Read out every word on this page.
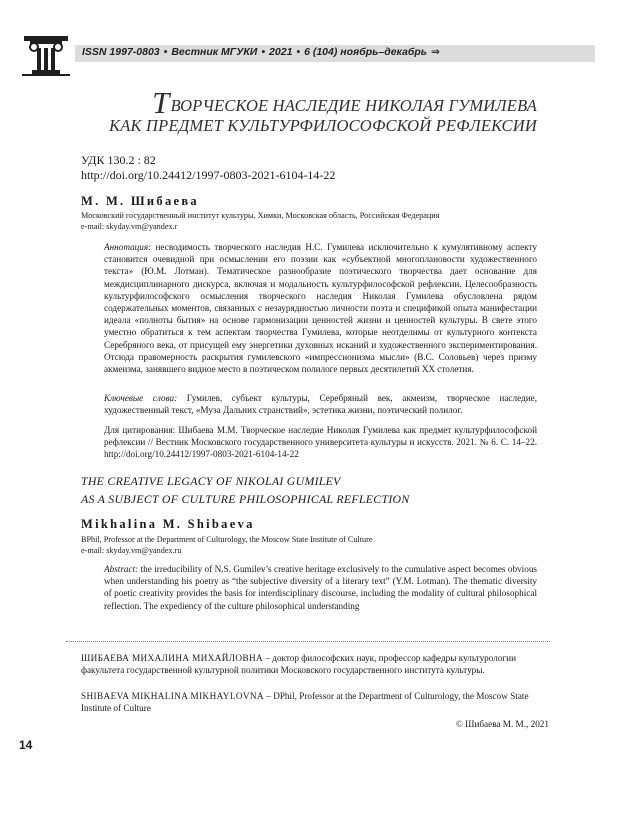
ISSN 1997-0803 • Вестник МГУКИ • 2021 • 6 (104) ноябрь–декабрь ⇒
ТВОРЧЕСКОЕ НАСЛЕДИЕ НИКОЛАЯ ГУМИЛЕВА
КАК ПРЕДМЕТ КУЛЬТУРФИЛОСОФСКОЙ РЕФЛЕКСИИ
УДК 130.2 : 82
http://doi.org/10.24412/1997-0803-2021-6104-14-22
М. М. Шибаева
Московский государственный институт культуры, Химки, Московская область, Российская Федерация
e-mail: skyday.vm@yandex.r
Аннотация: несводимость творческого наследия Н.С. Гумилева исключительно к кумулятивному аспекту становится очевидной при осмыслении его поэзии как «субъектной многоплановости художественного текста» (Ю.М. Лотман). Тематическое разнообразие поэтического творчества дает основание для междисциплинарного дискурса, включая и модальность культурфилософской рефлексии. Целесообразность культурфилософского осмысления творческого наследия Николая Гумилева обусловлена рядом содержательных моментов, связанных с незаурядностью личности поэта и спецификой опыта манифестации идеала «полноты бытия» на основе гармонизации ценностей жизни и ценностей культуры. В свете этого уместно обратиться к тем аспектам творчества Гумилева, которые неотделимы от культурного контекста Серебряного века, от присущей ему энергетики духовных исканий и художественного экспериментирования. Отсюда правомерность раскрытия гумилевского «импрессионизма мысли» (В.С. Соловьев) через призму акмеизма, занявшего видное место в поэтическом полилоге первых десятилетий XX столетия.
Ключевые слова: Гумилев, субъект культуры, Серебряный век, акмеизм, творческое наследие, художественный текст, «Муза Дальних странствий», эстетика жизни, поэтический полилог.
Для цитирования: Шибаева М.М. Творческое наследие Николая Гумилева как предмет культурфилософской рефлексии // Вестник Московского государственного университета культуры и искусств. 2021. № 6. С. 14–22. http://doi.org/10.24412/1997-0803-2021-6104-14-22
THE CREATIVE LEGACY OF NIKOLAI GUMILEV
AS A SUBJECT OF CULTURE PHILOSOPHICAL REFLECTION
Mikhalina M. Shibaeva
BPhil, Professor at the Department of Culturology, the Moscow State Institute of Culture
e-mail: skyday.vm@yandex.ru
Abstract: the irreducibility of N.S. Gumilev’s creative heritage exclusively to the cumulative aspect becomes obvious when understanding his poetry as “the subjective diversity of a literary text” (Y.M. Lotman). The thematic diversity of poetic creativity provides the basis for interdisciplinary discourse, including the modality of cultural philosophical reflection. The expediency of the culture philosophical understanding
ШИБАЕВА МИХАЛИНА МИХАЙЛОВНА – доктор философских наук, профессор кафедры культурологии факультета государственной культурной политики Московского государственного института культуры.
SHIBAEVA MIKHALINA MIKHAYLOVNA – DPhil, Professor at the Department of Culturology, the Moscow State Institute of Culture
© Шибаева М. М., 2021
14
